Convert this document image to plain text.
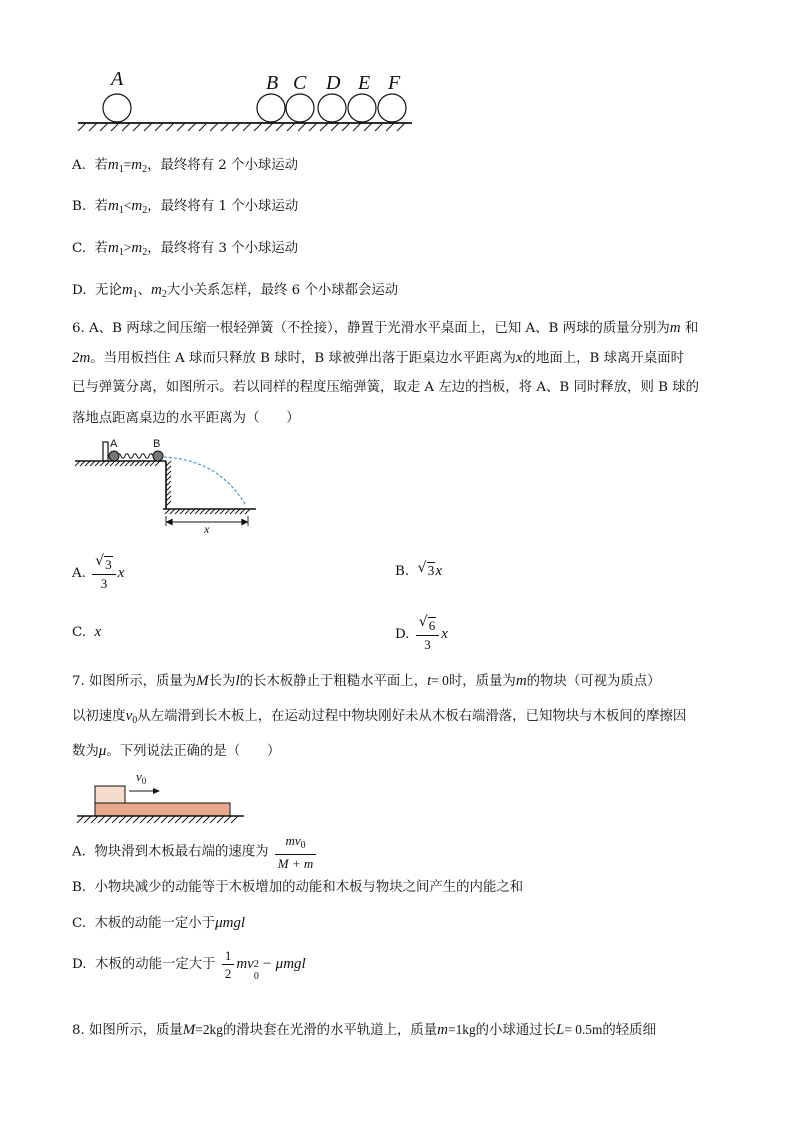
A	B C D E F
A. 若$m_1=m_2$，最终将有 2 个小球运动
B. 若$m_1<m_2$，最终将有 1 个小球运动
C. 若$m_1>m_2$，最终将有 3 个小球运动
D. 无论$m_1$、$m_2$大小关系怎样，最终 6 个小球都会运动
6. A、B 两球之间压缩一根轻弹簧（不拴接），静置于光滑水平桌面上，已知 A、B 两球的质量分别为m 和
2m。当用板挡住 A 球而只释放 B 球时，B 球被弹出落于距桌边水平距离为x的地面上，B 球离开桌面时
已与弹簧分离，如图所示。若以同样的程度压缩弹簧，取走 A 左边的挡板，将 A、B 同时释放，则 B 球的
落地点距离桌边的水平距离为（　　）
A	B
x
A. $\frac{√ 3}{3}$ x	B. √ 3x
C. x	D. $\frac{√ 6}{3}$ x
7. 如图所示，质量为M长为l的长木板静止于粗糙水平面上，t= 0时，质量为m的物块（可视为质点）
以初速度$v_0$从左端滑到长木板上，在运动过程中物块刚好未从木板右端滑落，已知物块与木板间的摩擦因
数为μ。下列说法正确的是（　　）
$v_0$
A. 物块滑到木板最右端的速度为 $\frac{mv_0}{M + m}$
B. 小物块减少的动能等于木板增加的动能和木板与物块之间产生的内能之和
C. 木板的动能一定小于μmgl
D. 木板的动能一定大于 $\frac{1}{2}$ mv 2
0
− μmgl
8. 如图所示，质量M=2kg的滑块套在光滑的水平轨道上，质量m=1kg的小球通过长L= 0.5m的轻质细
